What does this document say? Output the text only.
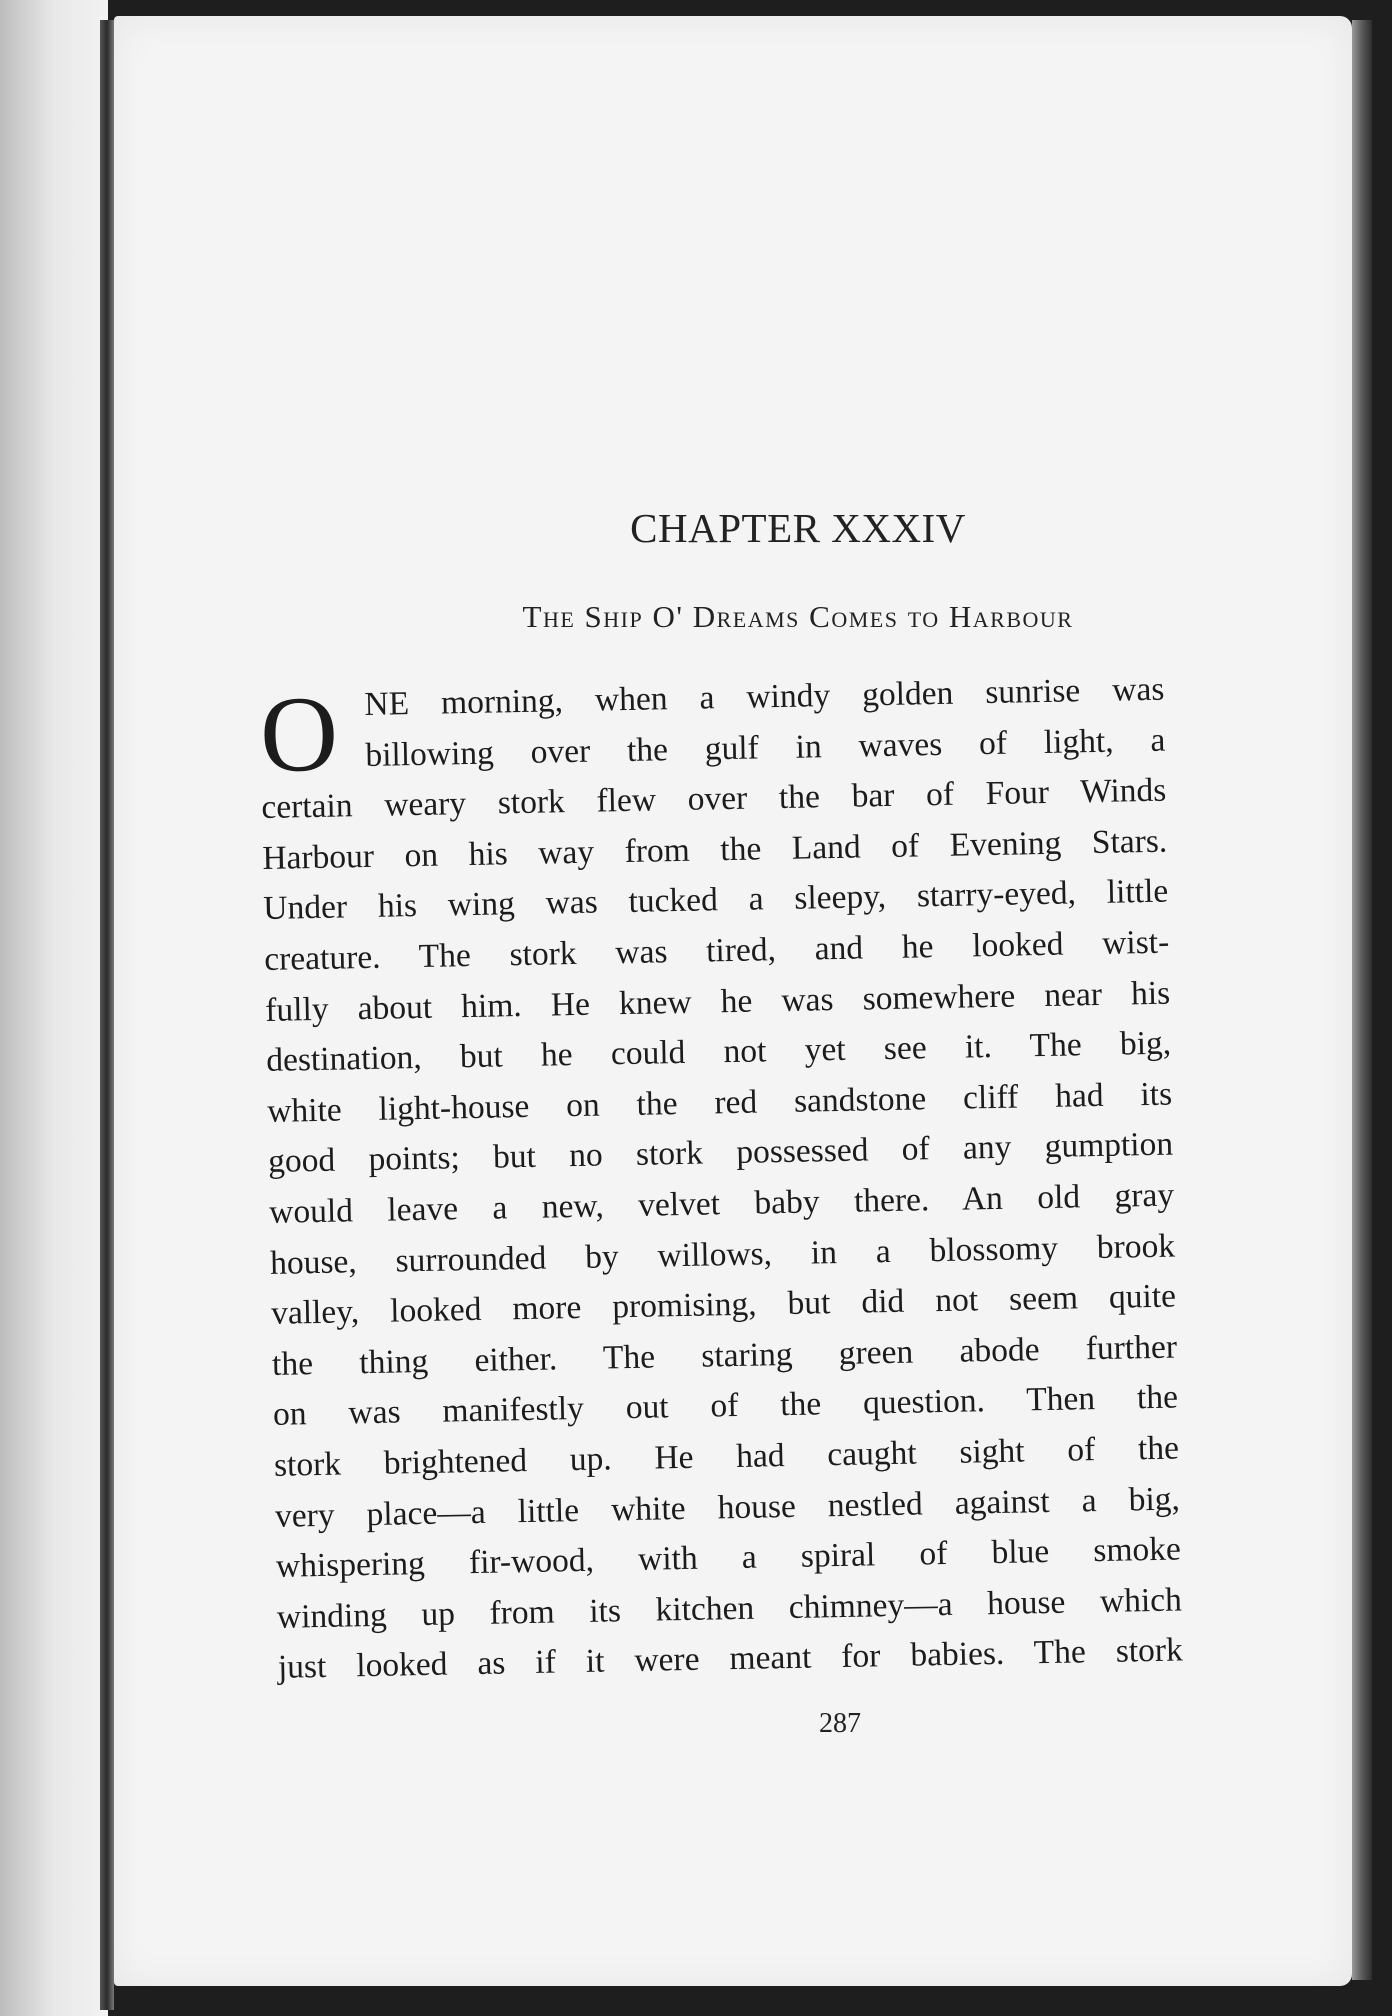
CHAPTER XXXIV
The Ship O' Dreams Comes to Harbour
O NE morning, when a windy golden sunrise was
billowing over the gulf in waves of light, a
certain weary stork flew over the bar of Four Winds
Harbour on his way from the Land of Evening Stars.
Under his wing was tucked a sleepy, starry-eyed, little
creature. The stork was tired, and he looked wist-
fully about him. He knew he was somewhere near his
destination, but he could not yet see it. The big,
white light-house on the red sandstone cliff had its
good points; but no stork possessed of any gumption
would leave a new, velvet baby there. An old gray
house, surrounded by willows, in a blossomy brook
valley, looked more promising, but did not seem quite
the thing either. The staring green abode further
on was manifestly out of the question. Then the
stork brightened up. He had caught sight of the
very place—a little white house nestled against a big,
whispering fir-wood, with a spiral of blue smoke
winding up from its kitchen chimney—a house which
just looked as if it were meant for babies. The stork
287
